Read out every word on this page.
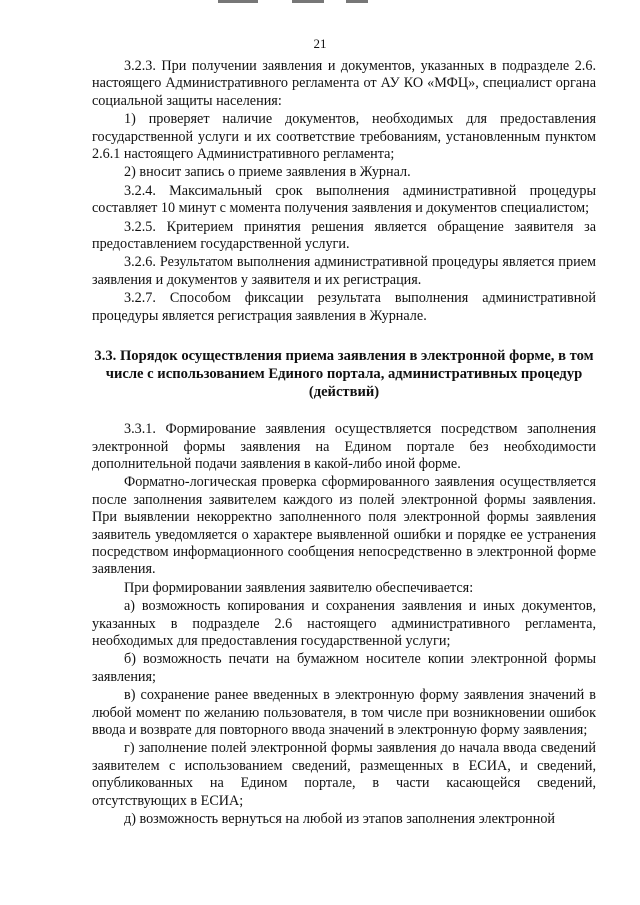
21

3.2.3. При получении заявления и документов, указанных в подразделе 2.6. настоящего Административного регламента от АУ КО «МФЦ», специалист органа социальной защиты населения:

1) проверяет наличие документов, необходимых для предоставления государственной услуги и их соответствие требованиям, установленным пунктом 2.6.1 настоящего Административного регламента;

2) вносит запись о приеме заявления в Журнал.

3.2.4. Максимальный срок выполнения административной процедуры составляет 10 минут с момента получения заявления и документов специалистом;

3.2.5. Критерием принятия решения является обращение заявителя за предоставлением государственной услуги.

3.2.6. Результатом выполнения административной процедуры является прием заявления и документов у заявителя и их регистрация.

3.2.7. Способом фиксации результата выполнения административной процедуры является регистрация заявления в Журнале.

3.3. Порядок осуществления приема заявления в электронной форме, в том числе с использованием Единого портала, административных процедур (действий)

3.3.1. Формирование заявления осуществляется посредством заполнения электронной формы заявления на Едином портале без необходимости дополнительной подачи заявления в какой-либо иной форме.

Форматно-логическая проверка сформированного заявления осуществляется после заполнения заявителем каждого из полей электронной формы заявления. При выявлении некорректно заполненного поля электронной формы заявления заявитель уведомляется о характере выявленной ошибки и порядке ее устранения посредством информационного сообщения непосредственно в электронной форме заявления.

При формировании заявления заявителю обеспечивается:

а) возможность копирования и сохранения заявления и иных документов, указанных в подразделе 2.6 настоящего административного регламента, необходимых для предоставления государственной услуги;

б) возможность печати на бумажном носителе копии электронной формы заявления;

в) сохранение ранее введенных в электронную форму заявления значений в любой момент по желанию пользователя, в том числе при возникновении ошибок ввода и возврате для повторного ввода значений в электронную форму заявления;

г) заполнение полей электронной формы заявления до начала ввода сведений заявителем с использованием сведений, размещенных в ЕСИА, и сведений, опубликованных на Едином портале, в части касающейся сведений, отсутствующих в ЕСИА;

д) возможность вернуться на любой из этапов заполнения электронной
